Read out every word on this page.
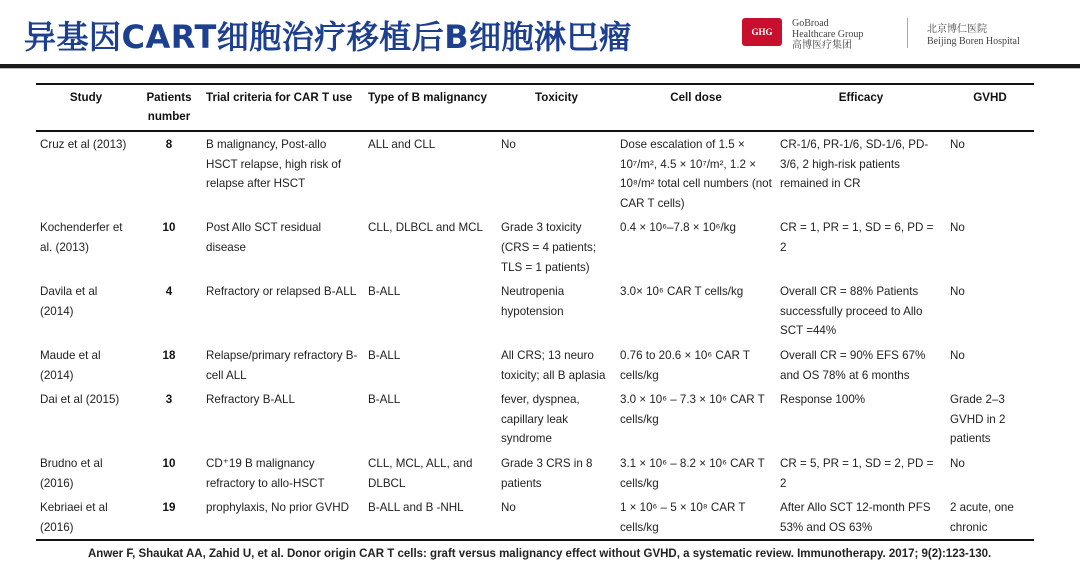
异基因CART细胞治疗移植后B细胞淋巴瘤	GHG
GoBroad
Healthcare Group
高博医疗集团
北京博仁医院
Beijing Boren Hospital
Study	Patients number	Trial criteria for CAR T use	Type of B malignancy	Toxicity	Cell dose	Efficacy	GVHD
Cruz et al (2013)	8	B malignancy, Post-allo HSCT relapse, high risk of relapse after HSCT	ALL and CLL	No	Dose escalation of 1.5 × 10⁷/m², 4.5 × 10⁷/m², 1.2 × 10⁸/m² total cell numbers (not CAR T cells)	CR-1/6, PR-1/6, SD-1/6, PD-3/6, 2 high-risk patients remained in CR	No
Kochenderfer et al. (2013)	10	Post Allo SCT residual disease	CLL, DLBCL and MCL	Grade 3 toxicity (CRS = 4 patients; TLS = 1 patients)	0.4 × 10⁶–7.8 × 10⁶/kg	CR = 1, PR = 1, SD = 6, PD = 2	No
Davila et al (2014)	4	Refractory or relapsed B-ALL	B-ALL	Neutropenia hypotension	3.0× 10⁶ CAR T cells/kg	Overall CR = 88% Patients successfully proceed to Allo SCT =44%	No
Maude et al (2014)	18	Relapse/primary refractory B-cell ALL	B-ALL	All CRS; 13 neuro toxicity; all B aplasia	0.76 to 20.6 × 10⁶ CAR T cells/kg	Overall CR = 90% EFS 67% and OS 78% at 6 months	No
Dai et al (2015)	3	Refractory B-ALL	B-ALL	fever, dyspnea, capillary leak syndrome	3.0 × 10⁶ – 7.3 × 10⁶ CAR T cells/kg	Response 100%	Grade 2–3 GVHD in 2 patients
Brudno et al (2016)	10	CD⁺19 B malignancy refractory to allo-HSCT	CLL, MCL, ALL, and DLBCL	Grade 3 CRS in 8 patients	3.1 × 10⁶ – 8.2 × 10⁶ CAR T cells/kg	CR = 5, PR = 1, SD = 2, PD = 2	No
Kebriaei et al (2016)	19	prophylaxis, No prior GVHD	B-ALL and B -NHL	No	1 × 10⁶ – 5 × 10⁸ CAR T cells/kg	After Allo SCT 12-month PFS 53% and OS 63%	2 acute, one chronic
Anwer F, Shaukat AA, Zahid U, et al. Donor origin CAR T cells: graft versus malignancy effect without GVHD, a systematic review. Immunotherapy. 2017; 9(2):123-130.
